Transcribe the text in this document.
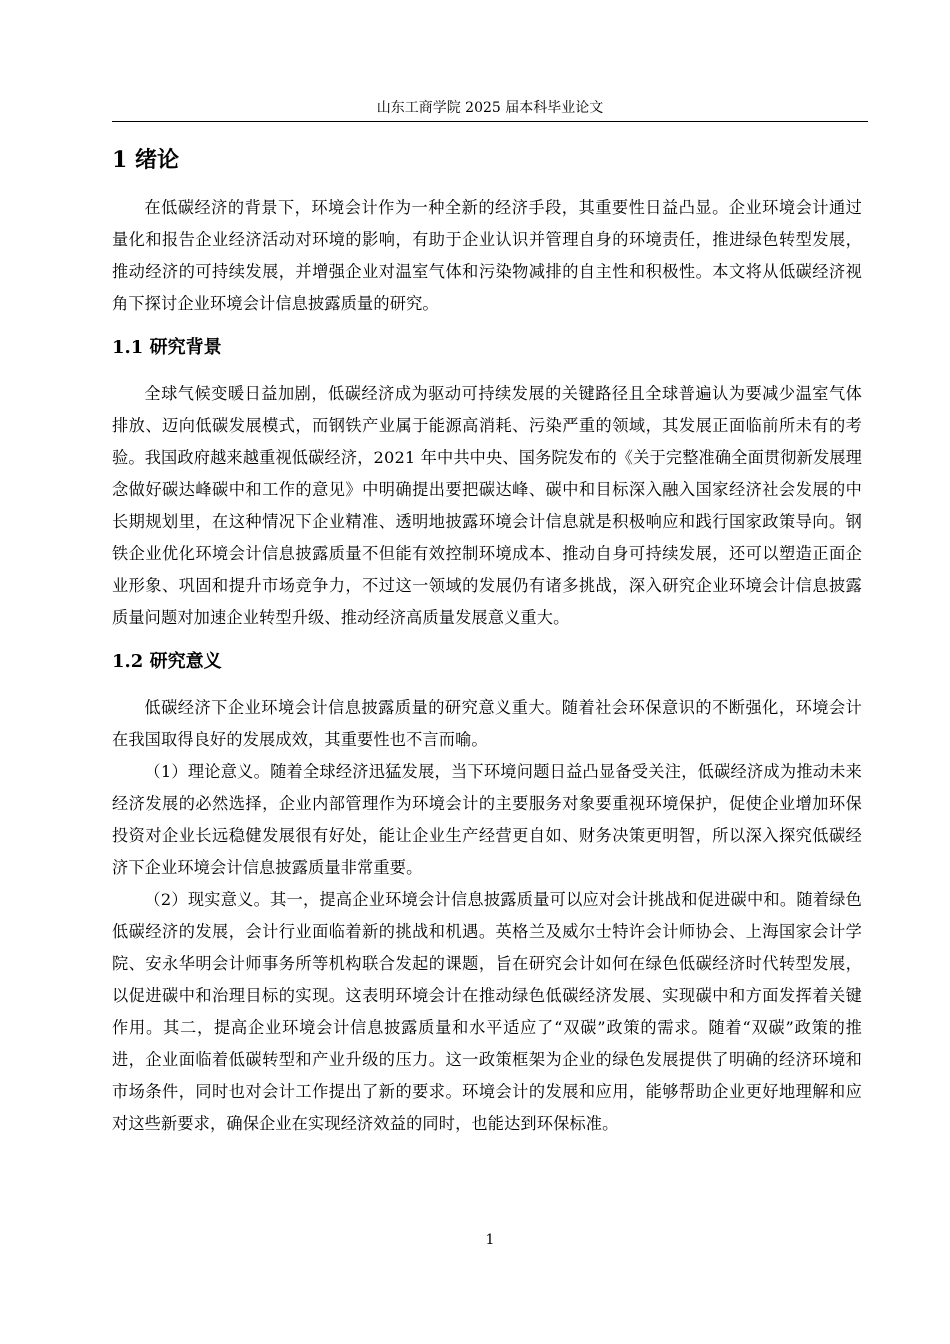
山东工商学院 2025 届本科毕业论文
1 绪论

在低碳经济的背景下，环境会计作为一种全新的经济手段，其重要性日益凸显。企业环境会计通过量化和报告企业经济活动对环境的影响，有助于企业认识并管理自身的环境责任，推进绿色转型发展，推动经济的可持续发展，并增强企业对温室气体和污染物减排的自主性和积极性。本文将从低碳经济视角下探讨企业环境会计信息披露质量的研究。

1.1 研究背景

全球气候变暖日益加剧，低碳经济成为驱动可持续发展的关键路径且全球普遍认为要减少温室气体排放、迈向低碳发展模式，而钢铁产业属于能源高消耗、污染严重的领域，其发展正面临前所未有的考验。我国政府越来越重视低碳经济，2021 年中共中央、国务院发布的《关于完整准确全面贯彻新发展理念做好碳达峰碳中和工作的意见》中明确提出要把碳达峰、碳中和目标深入融入国家经济社会发展的中长期规划里，在这种情况下企业精准、透明地披露环境会计信息就是积极响应和践行国家政策导向。钢铁企业优化环境会计信息披露质量不但能有效控制环境成本、推动自身可持续发展，还可以塑造正面企业形象、巩固和提升市场竞争力，不过这一领域的发展仍有诸多挑战，深入研究企业环境会计信息披露质量问题对加速企业转型升级、推动经济高质量发展意义重大。

1.2 研究意义

低碳经济下企业环境会计信息披露质量的研究意义重大。随着社会环保意识的不断强化，环境会计在我国取得良好的发展成效，其重要性也不言而喻。

（1）理论意义。随着全球经济迅猛发展，当下环境问题日益凸显备受关注，低碳经济成为推动未来经济发展的必然选择，企业内部管理作为环境会计的主要服务对象要重视环境保护，促使企业增加环保投资对企业长远稳健发展很有好处，能让企业生产经营更自如、财务决策更明智，所以深入探究低碳经济下企业环境会计信息披露质量非常重要。

（2）现实意义。其一，提高企业环境会计信息披露质量可以应对会计挑战和促进碳中和。随着绿色低碳经济的发展，会计行业面临着新的挑战和机遇。英格兰及威尔士特许会计师协会、上海国家会计学院、安永华明会计师事务所等机构联合发起的课题，旨在研究会计如何在绿色低碳经济时代转型发展，以促进碳中和治理目标的实现。这表明环境会计在推动绿色低碳经济发展、实现碳中和方面发挥着关键作用。其二，提高企业环境会计信息披露质量和水平适应了“双碳”政策的需求。随着“双碳”政策的推进，企业面临着低碳转型和产业升级的压力。这一政策框架为企业的绿色发展提供了明确的经济环境和市场条件，同时也对会计工作提出了新的要求。环境会计的发展和应用，能够帮助企业更好地理解和应对这些新要求，确保企业在实现经济效益的同时，也能达到环保标准。

1
